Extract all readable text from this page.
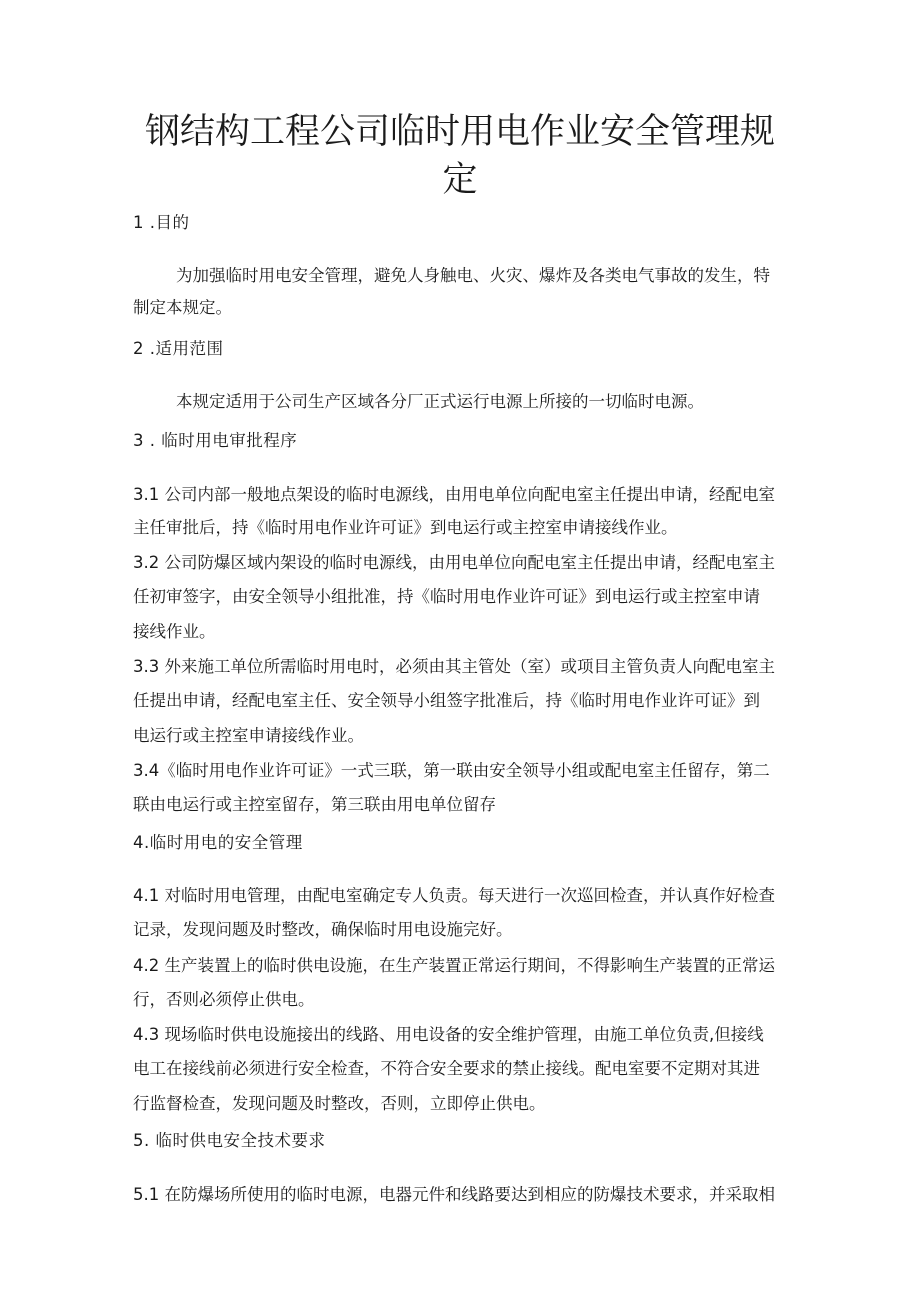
钢结构工程公司临时用电作业安全管理规
定

1 .目的

为加强临时用电安全管理，避免人身触电、火灾、爆炸及各类电气事故的发生，特

制定本规定。

2 .适用范围

本规定适用于公司生产区域各分厂正式运行电源上所接的一切临时电源。

3 . 临时用电审批程序

3.1 公司内部一般地点架设的临时电源线，由用电单位向配电室主任提出申请，经配电室

主任审批后，持《临时用电作业许可证》到电运行或主控室申请接线作业。

3.2 公司防爆区域内架设的临时电源线，由用电单位向配电室主任提出申请，经配电室主

任初审签字，由安全领导小组批准，持《临时用电作业许可证》到电运行或主控室申请

接线作业。

3.3 外来施工单位所需临时用电时，必须由其主管处（室）或项目主管负责人向配电室主

任提出申请，经配电室主任、安全领导小组签字批准后，持《临时用电作业许可证》到

电运行或主控室申请接线作业。

3.4《临时用电作业许可证》一式三联，第一联由安全领导小组或配电室主任留存，第二

联由电运行或主控室留存，第三联由用电单位留存

4.临时用电的安全管理

4.1 对临时用电管理，由配电室确定专人负责。每天进行一次巡回检查，并认真作好检查

记录，发现问题及时整改，确保临时用电设施完好。

4.2 生产装置上的临时供电设施，在生产装置正常运行期间，不得影响生产装置的正常运

行，否则必须停止供电。

4.3 现场临时供电设施接出的线路、用电设备的安全维护管理，由施工单位负责,但接线

电工在接线前必须进行安全检查，不符合安全要求的禁止接线。配电室要不定期对其进

行监督检查，发现问题及时整改，否则，立即停止供电。

5. 临时供电安全技术要求

5.1 在防爆场所使用的临时电源，电器元件和线路要达到相应的防爆技术要求，并采取相
